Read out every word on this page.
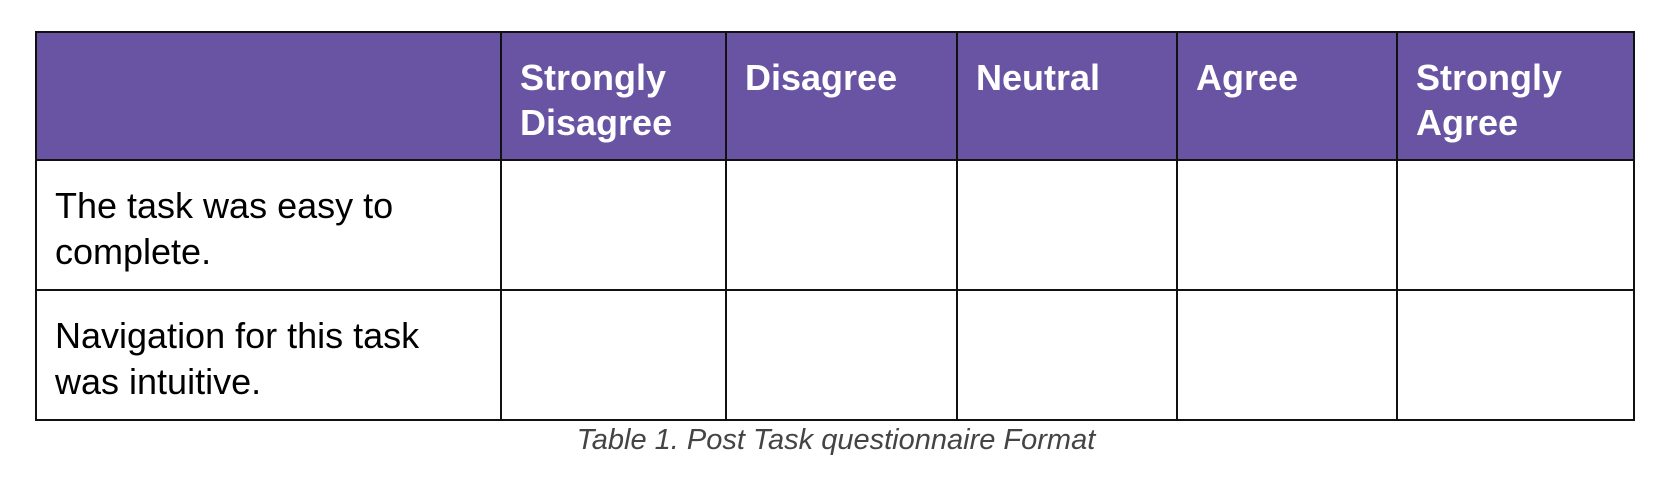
	Strongly Disagree	Disagree	Neutral	Agree	Strongly Agree
The task was easy to complete.					
Navigation for this task was intuitive.					
Table 1. Post Task questionnaire Format
